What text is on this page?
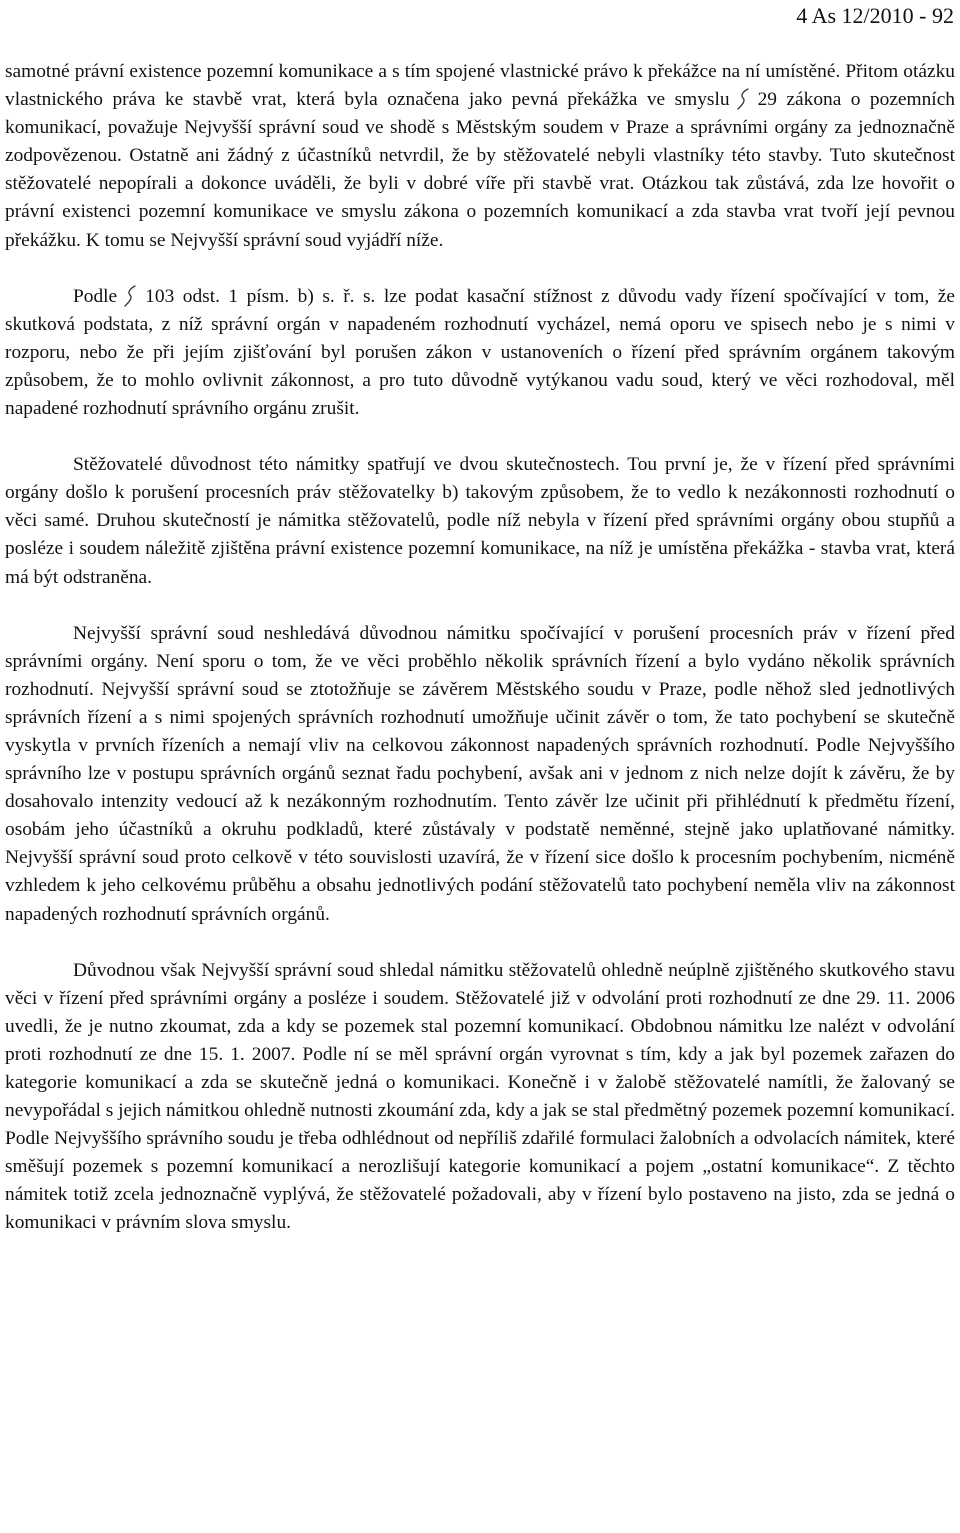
4 As 12/2010 - 92

samotné právní existence pozemní komunikace a s tím spojené vlastnické právo k překážce na ní umístěné. Přitom otázku vlastnického práva ke stavbě vrat, která byla označena jako pevná překážka ve smyslu 29 zákona o pozemních komunikací, považuje Nejvyšší správní soud ve shodě s Městským soudem v Praze a správními orgány za jednoznačně zodpovězenou. Ostatně ani žádný z účastníků netvrdil, že by stěžovatelé nebyli vlastníky této stavby. Tuto skutečnost stěžovatelé nepopírali a dokonce uváděli, že byli v dobré víře při stavbě vrat. Otázkou tak zůstává, zda lze hovořit o právní existenci pozemní komunikace ve smyslu zákona o pozemních komunikací a zda stavba vrat tvoří její pevnou překážku. K tomu se Nejvyšší správní soud vyjádří níže.

Podle 103 odst. 1 písm. b) s. ř. s. lze podat kasační stížnost z důvodu vady řízení spočívající v tom, že skutková podstata, z níž správní orgán v napadeném rozhodnutí vycházel, nemá oporu ve spisech nebo je s nimi v rozporu, nebo že při jejím zjišťování byl porušen zákon v ustanoveních o řízení před správním orgánem takovým způsobem, že to mohlo ovlivnit zákonnost, a pro tuto důvodně vytýkanou vadu soud, který ve věci rozhodoval, měl napadené rozhodnutí správního orgánu zrušit.

Stěžovatelé důvodnost této námitky spatřují ve dvou skutečnostech. Tou první je, že v řízení před správními orgány došlo k porušení procesních práv stěžovatelky b) takovým způsobem, že to vedlo k nezákonnosti rozhodnutí o věci samé. Druhou skutečností je námitka stěžovatelů, podle níž nebyla v řízení před správními orgány obou stupňů a posléze i soudem náležitě zjištěna právní existence pozemní komunikace, na níž je umístěna překážka - stavba vrat, která má být odstraněna.

Nejvyšší správní soud neshledává důvodnou námitku spočívající v porušení procesních práv v řízení před správními orgány. Není sporu o tom, že ve věci proběhlo několik správních řízení a bylo vydáno několik správních rozhodnutí. Nejvyšší správní soud se ztotožňuje se závěrem Městského soudu v Praze, podle něhož sled jednotlivých správních řízení a s nimi spojených správních rozhodnutí umožňuje učinit závěr o tom, že tato pochybení se skutečně vyskytla v prvních řízeních a nemají vliv na celkovou zákonnost napadených správních rozhodnutí. Podle Nejvyššího správního lze v postupu správních orgánů seznat řadu pochybení, avšak ani v jednom z nich nelze dojít k závěru, že by dosahovalo intenzity vedoucí až k nezákonným rozhodnutím. Tento závěr lze učinit při přihlédnutí k předmětu řízení, osobám jeho účastníků a okruhu podkladů, které zůstávaly v podstatě neměnné, stejně jako uplatňované námitky. Nejvyšší správní soud proto celkově v této souvislosti uzavírá, že v řízení sice došlo k procesním pochybením, nicméně vzhledem k jeho celkovému průběhu a obsahu jednotlivých podání stěžovatelů tato pochybení neměla vliv na zákonnost napadených rozhodnutí správních orgánů.

Důvodnou však Nejvyšší správní soud shledal námitku stěžovatelů ohledně neúplně zjištěného skutkového stavu věci v řízení před správními orgány a posléze i soudem. Stěžovatelé již v odvolání proti rozhodnutí ze dne 29. 11. 2006 uvedli, že je nutno zkoumat, zda a kdy se pozemek stal pozemní komunikací. Obdobnou námitku lze nalézt v odvolání proti rozhodnutí ze dne 15. 1. 2007. Podle ní se měl správní orgán vyrovnat s tím, kdy a jak byl pozemek zařazen do kategorie komunikací a zda se skutečně jedná o komunikaci. Konečně i v žalobě stěžovatelé namítli, že žalovaný se nevypořádal s jejich námitkou ohledně nutnosti zkoumání zda, kdy a jak se stal předmětný pozemek pozemní komunikací. Podle Nejvyššího správního soudu je třeba odhlédnout od nepříliš zdařilé formulaci žalobních a odvolacích námitek, které směšují pozemek s pozemní komunikací a nerozlišují kategorie komunikací a pojem „ostatní komunikace“. Z těchto námitek totiž zcela jednoznačně vyplývá, že stěžovatelé požadovali, aby v řízení bylo postaveno na jisto, zda se jedná o komunikaci v právním slova smyslu.
